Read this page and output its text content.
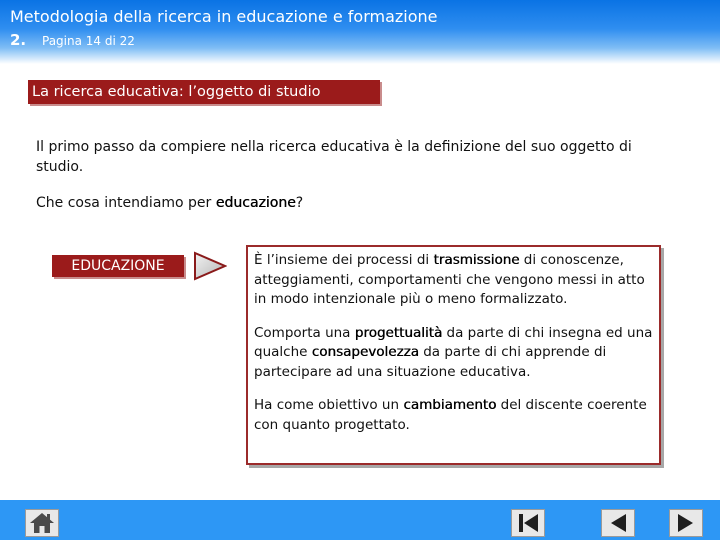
Metodologia della ricerca in educazione e formazione
2. Pagina 14 di 22
La ricerca educativa: l’oggetto di studio
Il primo passo da compiere nella ricerca educativa è la definizione del suo oggetto di studio.
Che cosa intendiamo per educazione?
EDUCAZIONE	È l’insieme dei processi di trasmissione di conoscenze, atteggiamenti, comportamenti che vengono messi in atto in modo intenzionale più o meno formalizzato.

Comporta una progettualità da parte di chi insegna ed una qualche consapevolezza da parte di chi apprende di partecipare ad una situazione educativa.

Ha come obiettivo un cambiamento del discente coerente con quanto progettato.
